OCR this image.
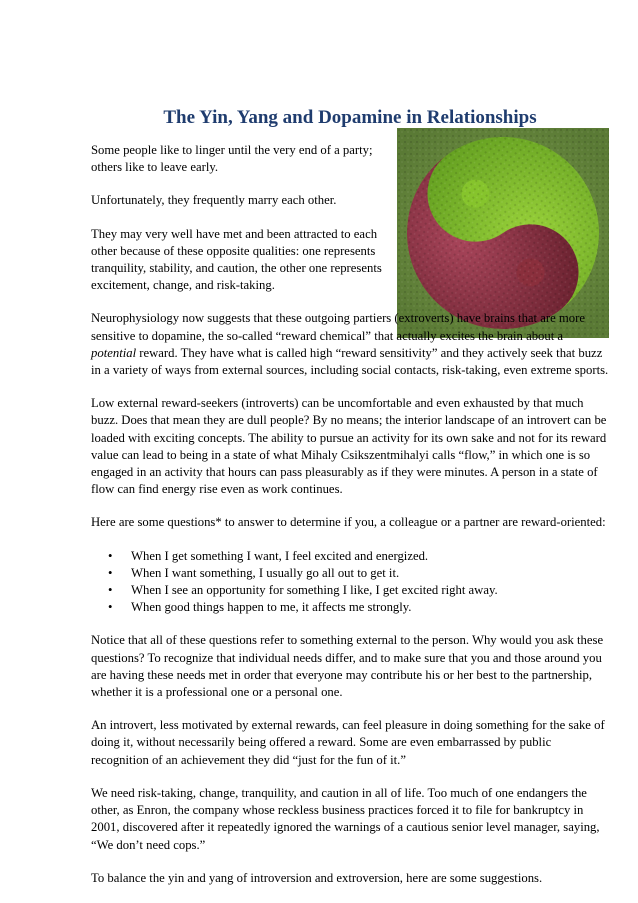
The Yin, Yang and Dopamine in Relationships

Some people like to linger until the very end of a party; others like to leave early.

Unfortunately, they frequently marry each other.

They may very well have met and been attracted to each other because of these opposite qualities: one represents tranquility, stability, and caution, the other one represents excitement, change, and risk-taking.

Neurophysiology now suggests that these outgoing partiers (extroverts) have brains that are more sensitive to dopamine, the so-called “reward chemical” that actually excites the brain about a potential reward. They have what is called high “reward sensitivity” and they actively seek that buzz in a variety of ways from external sources, including social contacts, risk-taking, even extreme sports.

Low external reward-seekers (introverts) can be uncomfortable and even exhausted by that much buzz. Does that mean they are dull people? By no means; the interior landscape of an introvert can be loaded with exciting concepts. The ability to pursue an activity for its own sake and not for its reward value can lead to being in a state of what Mihaly Csikszentmihalyi calls “flow,” in which one is so engaged in an activity that hours can pass pleasurably as if they were minutes. A person in a state of flow can find energy rise even as work continues.

Here are some questions* to answer to determine if you, a colleague or a partner are reward-oriented:

• When I get something I want, I feel excited and energized.
• When I want something, I usually go all out to get it.
• When I see an opportunity for something I like, I get excited right away.
• When good things happen to me, it affects me strongly.

Notice that all of these questions refer to something external to the person. Why would you ask these questions? To recognize that individual needs differ, and to make sure that you and those around you are having these needs met in order that everyone may contribute his or her best to the partnership, whether it is a professional one or a personal one.

An introvert, less motivated by external rewards, can feel pleasure in doing something for the sake of doing it, without necessarily being offered a reward. Some are even embarrassed by public recognition of an achievement they did “just for the fun of it.”

We need risk-taking, change, tranquility, and caution in all of life. Too much of one endangers the other, as Enron, the company whose reckless business practices forced it to file for bankruptcy in 2001, discovered after it repeatedly ignored the warnings of a cautious senior level manager, saying, “We don’t need cops.”

To balance the yin and yang of introversion and extroversion, here are some suggestions.
